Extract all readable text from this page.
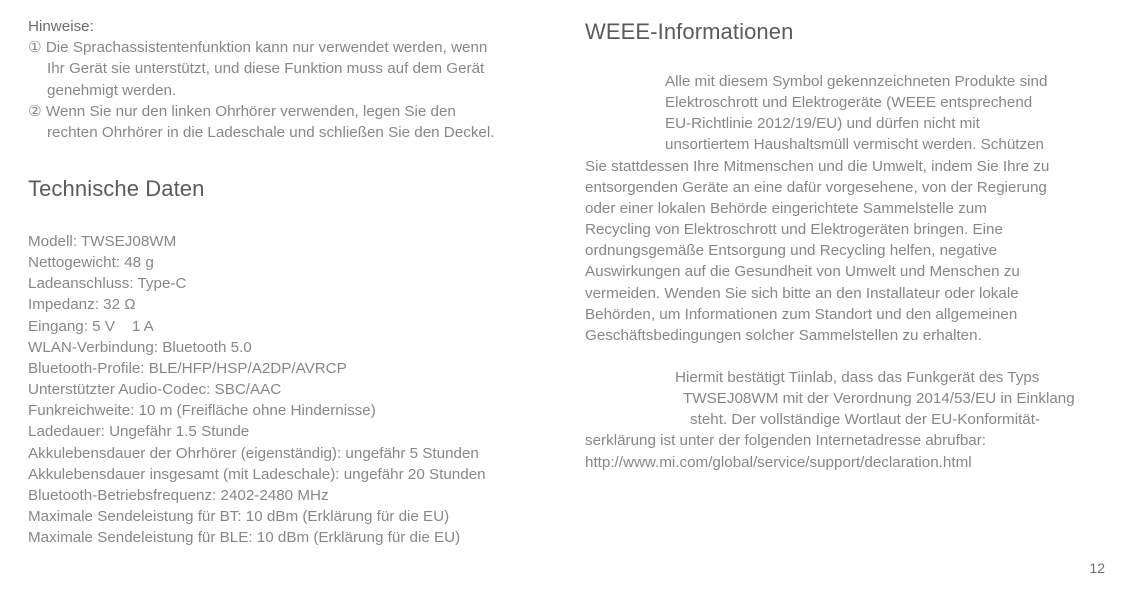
Hinweise:
① Die Sprachassistentenfunktion kann nur verwendet werden, wenn
Ihr Gerät sie unterstützt, und diese Funktion muss auf dem Gerät
genehmigt werden.
② Wenn Sie nur den linken Ohrhörer verwenden, legen Sie den
rechten Ohrhörer in die Ladeschale und schließen Sie den Deckel.
Technische Daten
Modell: TWSEJ08WM
Nettogewicht: 48 g
Ladeanschluss: Type-C
Impedanz: 32 Ω
Eingang: 5 V    1 A
WLAN-Verbindung: Bluetooth 5.0
Bluetooth-Profile: BLE/HFP/HSP/A2DP/AVRCP
Unterstützter Audio-Codec: SBC/AAC
Funkreichweite: 10 m (Freifläche ohne Hindernisse)
Ladedauer: Ungefähr 1.5 Stunde
Akkulebensdauer der Ohrhörer (eigenständig): ungefähr 5 Stunden
Akkulebensdauer insgesamt (mit Ladeschale): ungefähr 20 Stunden
Bluetooth-Betriebsfrequenz: 2402-2480 MHz
Maximale Sendeleistung für BT: 10 dBm (Erklärung für die EU)
Maximale Sendeleistung für BLE: 10 dBm (Erklärung für die EU)
WEEE-Informationen
Alle mit diesem Symbol gekennzeichneten Produkte sind
Elektroschrott und Elektrogeräte (WEEE entsprechend
EU-Richtlinie 2012/19/EU) und dürfen nicht mit
unsortiertem Haushaltsmüll vermischt werden. Schützen
Sie stattdessen Ihre Mitmenschen und die Umwelt, indem Sie Ihre zu
entsorgenden Geräte an eine dafür vorgesehene, von der Regierung
oder einer lokalen Behörde eingerichtete Sammelstelle zum
Recycling von Elektroschrott und Elektrogeräten bringen. Eine
ordnungsgemäße Entsorgung und Recycling helfen, negative
Auswirkungen auf die Gesundheit von Umwelt und Menschen zu
vermeiden. Wenden Sie sich bitte an den Installateur oder lokale
Behörden, um Informationen zum Standort und den allgemeinen
Geschäftsbedingungen solcher Sammelstellen zu erhalten.
Hiermit bestätigt Tiinlab, dass das Funkgerät des Typs
TWSEJ08WM mit der Verordnung 2014/53/EU in Einklang
steht. Der vollständige Wortlaut der EU-Konformität-
serklärung ist unter der folgenden Internetadresse abrufbar:
http://www.mi.com/global/service/support/declaration.html
12
